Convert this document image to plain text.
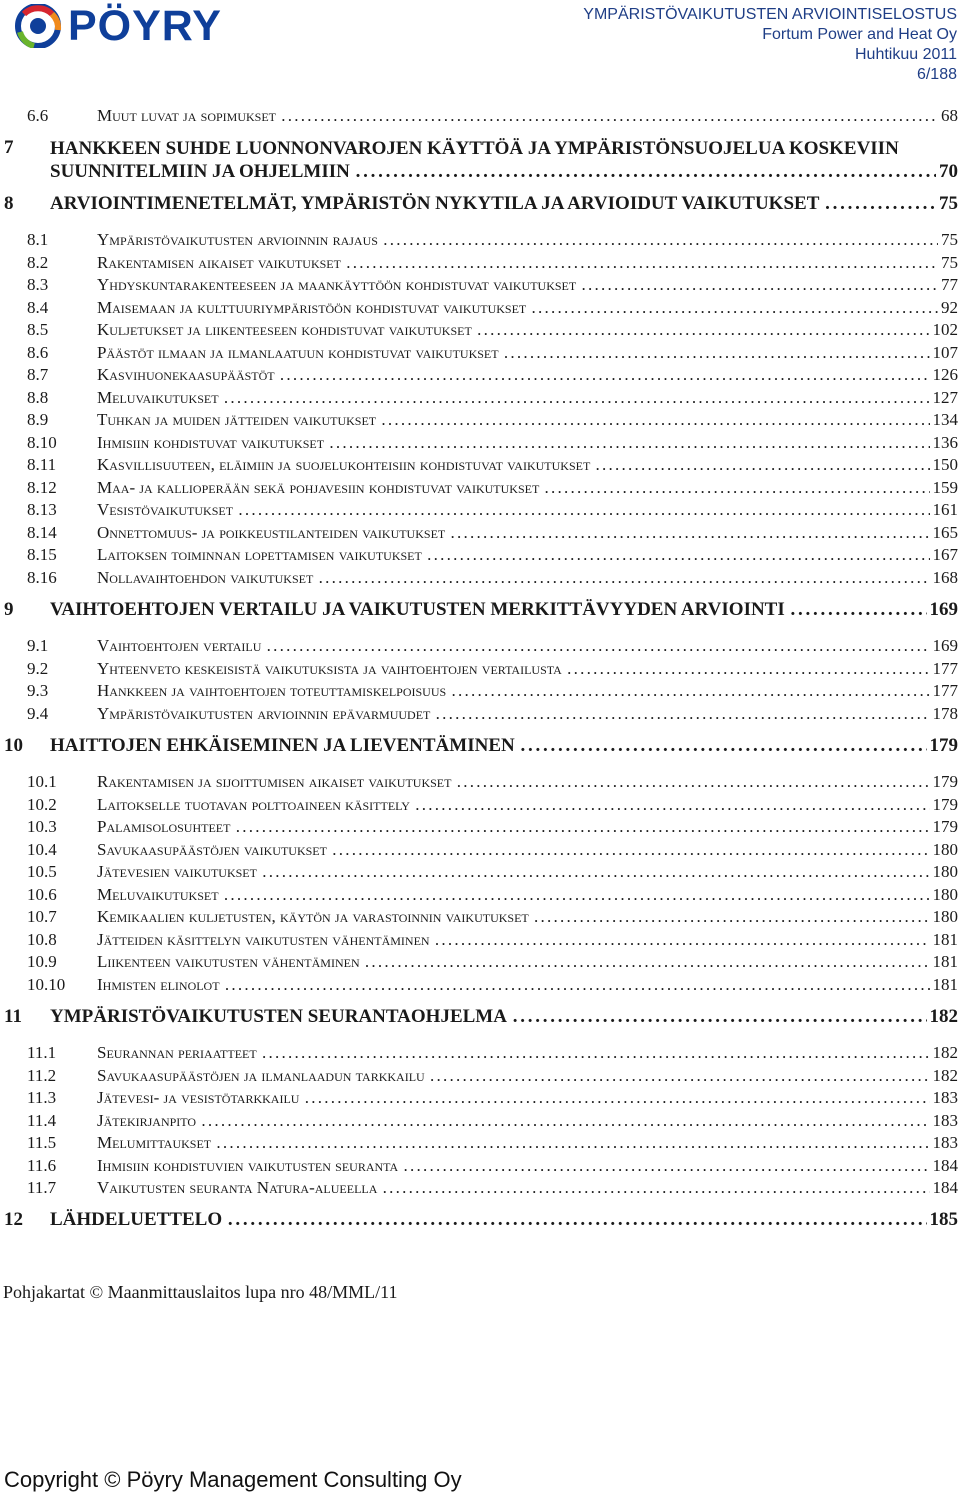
PÖYRY	YMPÄRISTÖVAIKUTUSTEN ARVIOINTISELOSTUS
Fortum Power and Heat Oy
Huhtikuu 2011
6/188
6.6	Muut luvat ja sopimukset . . .	68
7	HANKKEEN SUHDE LUONNONVAROJEN KÄYTTÖÄ JA YMPÄRISTÖNSUOJELUA KOSKEVIIN
SUUNNITELMIIN JA OHJELMIIN . . .	70
8	ARVIOINTIMENETELMÄT, YMPÄRISTÖN NYKYTILA JA ARVIOIDUT VAIKUTUKSET . . .	75
8.1	Ympäristövaikutusten arvioinnin rajaus . . .	75
8.2	Rakentamisen aikaiset vaikutukset . . .	75
8.3	Yhdyskuntarakenteeseen ja maankäyttöön kohdistuvat vaikutukset . . .	77
8.4	Maisemaan ja kulttuuriympäristöön kohdistuvat vaikutukset . . .	92
8.5	Kuljetukset ja liikenteeseen kohdistuvat vaikutukset . . .	102
8.6	Päästöt ilmaan ja ilmanlaatuun kohdistuvat vaikutukset . . .	107
8.7	Kasvihuonekaasupäästöt . . .	126
8.8	Meluvaikutukset . . .	127
8.9	Tuhkan ja muiden jätteiden vaikutukset . . .	134
8.10	Ihmisiin kohdistuvat vaikutukset . . .	136
8.11	Kasvillisuuteen, eläimiin ja suojelukohteisiin kohdistuvat vaikutukset . . .	150
8.12	Maa- ja kallioperään sekä pohjavesiin kohdistuvat vaikutukset . . .	159
8.13	Vesistövaikutukset . . .	161
8.14	Onnettomuus- ja poikkeustilanteiden vaikutukset . . .	165
8.15	Laitoksen toiminnan lopettamisen vaikutukset . . .	167
8.16	Nollavaihtoehdon vaikutukset . . .	168
9	VAIHTOEHTOJEN VERTAILU JA VAIKUTUSTEN MERKITTÄVYYDEN ARVIOINTI . . .	169
9.1	Vaihtoehtojen vertailu . . .	169
9.2	Yhteenveto keskeisistä vaikutuksista ja vaihtoehtojen vertailusta . . .	177
9.3	Hankkeen ja vaihtoehtojen toteuttamiskelpoisuus . . .	177
9.4	Ympäristövaikutusten arvioinnin epävarmuudet . . .	178
10	HAITTOJEN EHKÄISEMINEN JA LIEVENTÄMINEN . . .	179
10.1	Rakentamisen ja sijoittumisen aikaiset vaikutukset . . .	179
10.2	Laitokselle tuotavan polttoaineen käsittely . . .	179
10.3	Palamisolosuhteet . . .	179
10.4	Savukaasupäästöjen vaikutukset . . .	180
10.5	Jätevesien vaikutukset . . .	180
10.6	Meluvaikutukset . . .	180
10.7	Kemikaalien kuljetusten, käytön ja varastoinnin vaikutukset . . .	180
10.8	Jätteiden käsittelyn vaikutusten vähentäminen . . .	181
10.9	Liikenteen vaikutusten vähentäminen . . .	181
10.10	Ihmisten elinolot . . .	181
11	YMPÄRISTÖVAIKUTUSTEN SEURANTAOHJELMA . . .	182
11.1	Seurannan periaatteet . . .	182
11.2	Savukaasupäästöjen ja ilmanlaadun tarkkailu . . .	182
11.3	Jätevesi- ja vesistötarkkailu . . .	183
11.4	Jätekirjanpito . . .	183
11.5	Melumittaukset . . .	183
11.6	Ihmisiin kohdistuvien vaikutusten seuranta . . .	184
11.7	Vaikutusten seuranta Natura-alueella . . .	184
12	LÄHDELUETTELO . . .	185
Pohjakartat © Maanmittauslaitos lupa nro 48/MML/11
Copyright © Pöyry Management Consulting Oy
